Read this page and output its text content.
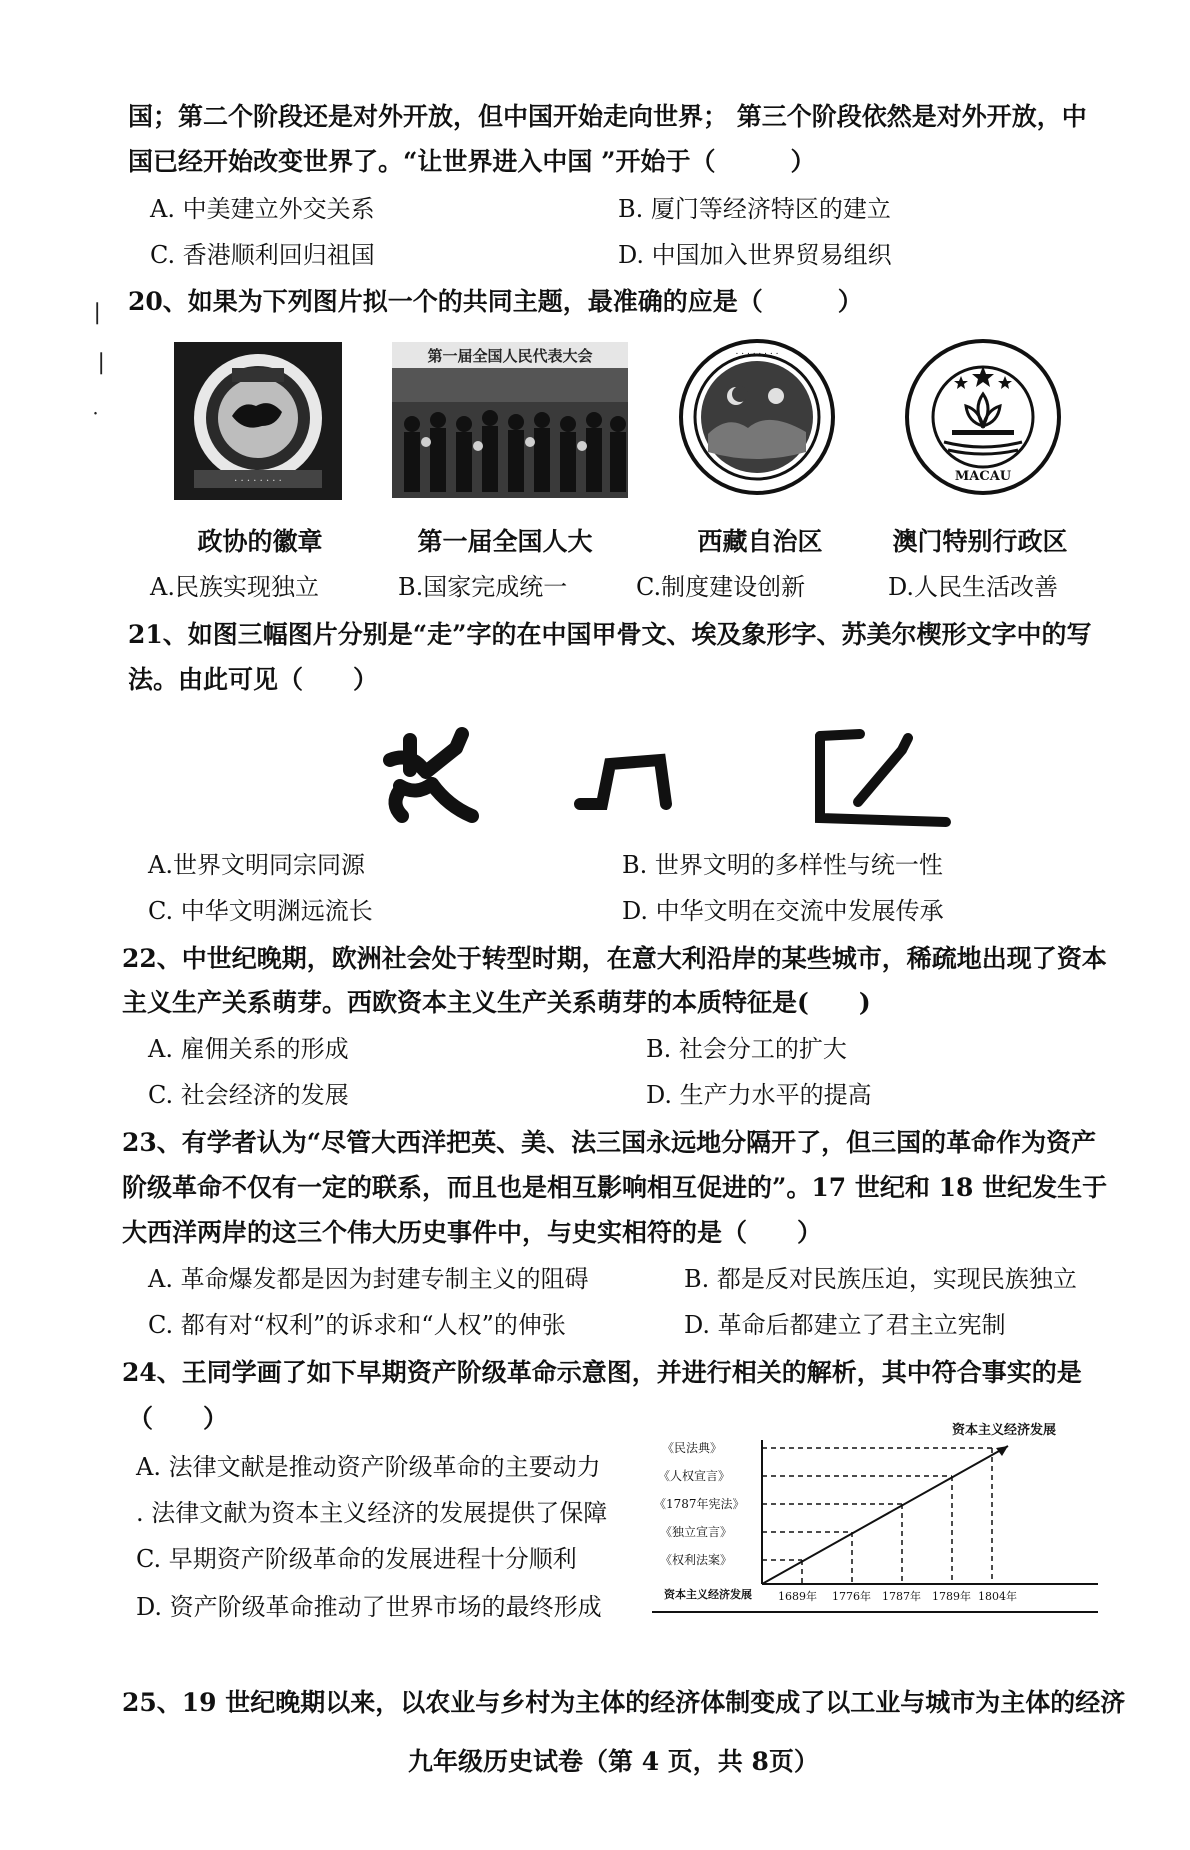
国；第二个阶段还是对外开放，但中国开始走向世界； 第三个阶段依然是对外开放，中
国已经开始改变世界了。“让世界进入中国 ”开始于（　　　）
A. 中美建立外交关系	B. 厦门等经济特区的建立
C. 香港顺利回归祖国	D. 中国加入世界贸易组织
❘
❘
˙
20、如果为下列图片拟一个的共同主题，最准确的应是（　　　）
· · · · · · · ·
第一届全国人民代表大会	. . . . . . . .
MACAU
政协的徽章	第一届全国人大	西藏自治区	澳门特别行政区
A.民族实现独立	B.国家完成统一	C.制度建设创新	D.人民生活改善
21、如图三幅图片分别是“走”字的在中国甲骨文、埃及象形字、苏美尔楔形文字中的写
法。由此可见（　　）
A.世界文明同宗同源	B. 世界文明的多样性与统一性
C. 中华文明渊远流长	D. 中华文明在交流中发展传承
22、中世纪晚期，欧洲社会处于转型时期，在意大利沿岸的某些城市，稀疏地出现了资本
主义生产关系萌芽。西欧资本主义生产关系萌芽的本质特征是(　　)
A. 雇佣关系的形成	B. 社会分工的扩大
C. 社会经济的发展	D. 生产力水平的提高
23、有学者认为“尽管大西洋把英、美、法三国永远地分隔开了，但三国的革命作为资产
阶级革命不仅有一定的联系，而且也是相互影响相互促进的”。17 世纪和 18 世纪发生于
大西洋两岸的这三个伟大历史事件中，与史实相符的是（　　）
A. 革命爆发都是因为封建专制主义的阻碍	B. 都是反对民族压迫，实现民族独立
C. 都有对“权利”的诉求和“人权”的伸张	D. 革命后都建立了君主立宪制
24、王同学画了如下早期资产阶级革命示意图，并进行相关的解析，其中符合事实的是
（　　）
A. 法律文献是推动资产阶级革命的主要动力
. 法律文献为资本主义经济的发展提供了保障
C. 早期资产阶级革命的发展进程十分顺利
D. 资产阶级革命推动了世界市场的最终形成
资本主义经济发展
《民法典》
《人权宣言》
《1787年宪法》
《独立宣言》
《权利法案》
1689年 1776年 1787年 1789年 1804年
资本主义经济发展
25、19 世纪晚期以来，以农业与乡村为主体的经济体制变成了以工业与城市为主体的经济
九年级历史试卷（第 4 页，共 8页）
